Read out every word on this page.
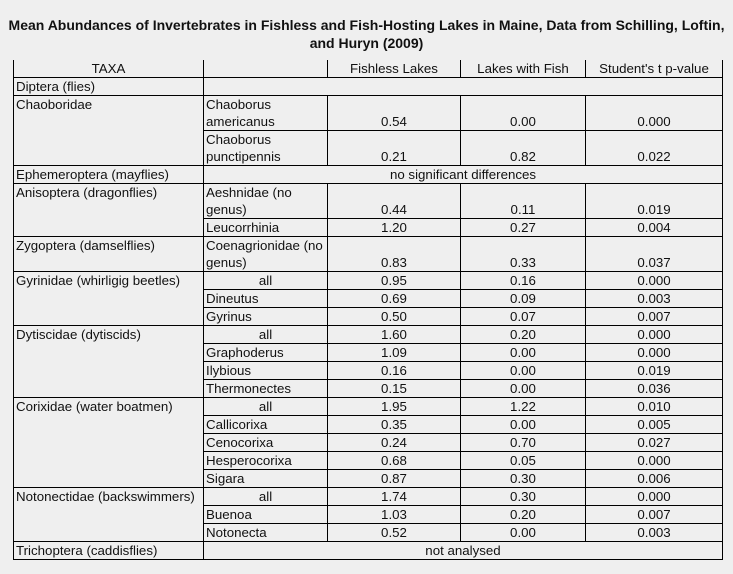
Mean Abundances of Invertebrates in Fishless and Fish-Hosting Lakes in Maine, Data from Schilling, Loftin, and Huryn (2009)
TAXA		Fishless Lakes	Lakes with Fish	Student's t p-value
Diptera (flies)				
Chaoboridae	Chaoborus americanus	0.54	0.00	0.000
	Chaoborus punctipennis	0.21	0.82	0.022
Ephemeroptera (mayflies)	no significant differences			
Anisoptera (dragonflies)	Aeshnidae (no genus)	0.44	0.11	0.019
	Leucorrhinia	1.20	0.27	0.004
Zygoptera (damselflies)	Coenagrionidae (no genus)	0.83	0.33	0.037
Gyrinidae (whirligig beetles)	all	0.95	0.16	0.000
	Dineutus	0.69	0.09	0.003
	Gyrinus	0.50	0.07	0.007
Dytiscidae (dytiscids)	all	1.60	0.20	0.000
	Graphoderus	1.09	0.00	0.000
	Ilybious	0.16	0.00	0.019
	Thermonectes	0.15	0.00	0.036
Corixidae (water boatmen)	all	1.95	1.22	0.010
	Callicorixa	0.35	0.00	0.005
	Cenocorixa	0.24	0.70	0.027
	Hesperocorixa	0.68	0.05	0.000
	Sigara	0.87	0.30	0.006
Notonectidae (backswimmers)	all	1.74	0.30	0.000
	Buenoa	1.03	0.20	0.007
	Notonecta	0.52	0.00	0.003
Trichoptera (caddisflies)	not analysed			
